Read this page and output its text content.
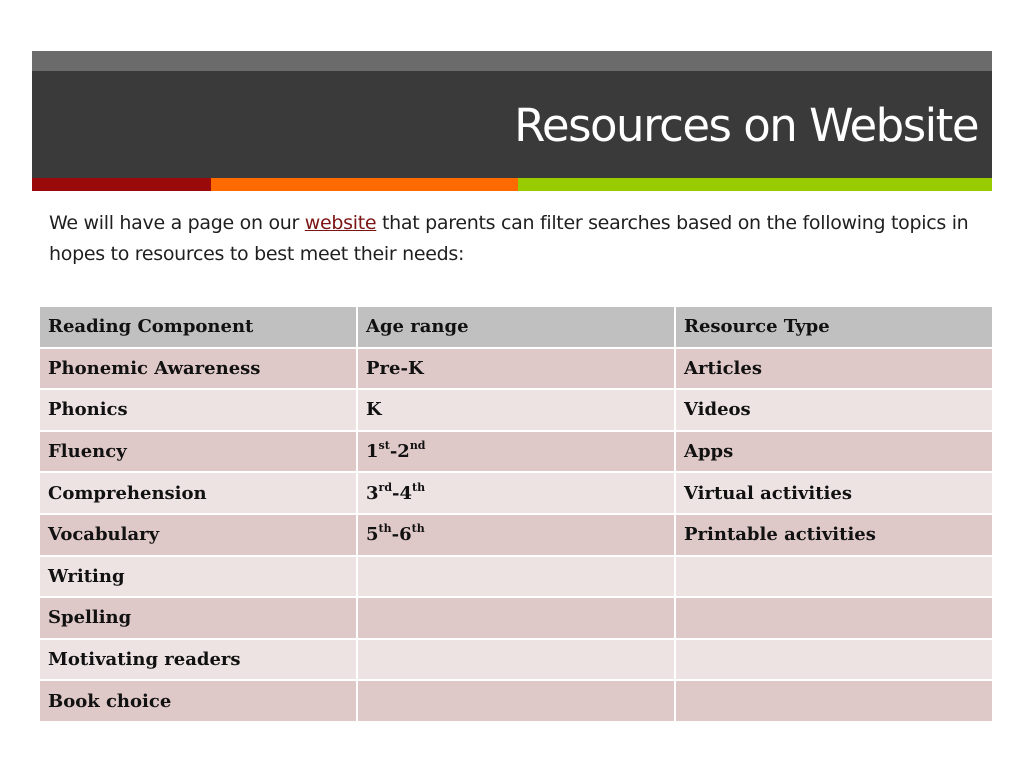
Resources on Website

We will have a page on our website that parents can filter searches based on the following topics in hopes to resources to best meet their needs:

Reading Component	Age range	Resource Type
Phonemic Awareness	Pre-K	Articles
Phonics	K	Videos
Fluency	1st-2nd	Apps
Comprehension	3rd-4th	Virtual activities
Vocabulary	5th-6th	Printable activities
Writing		
Spelling		
Motivating readers		
Book choice		
